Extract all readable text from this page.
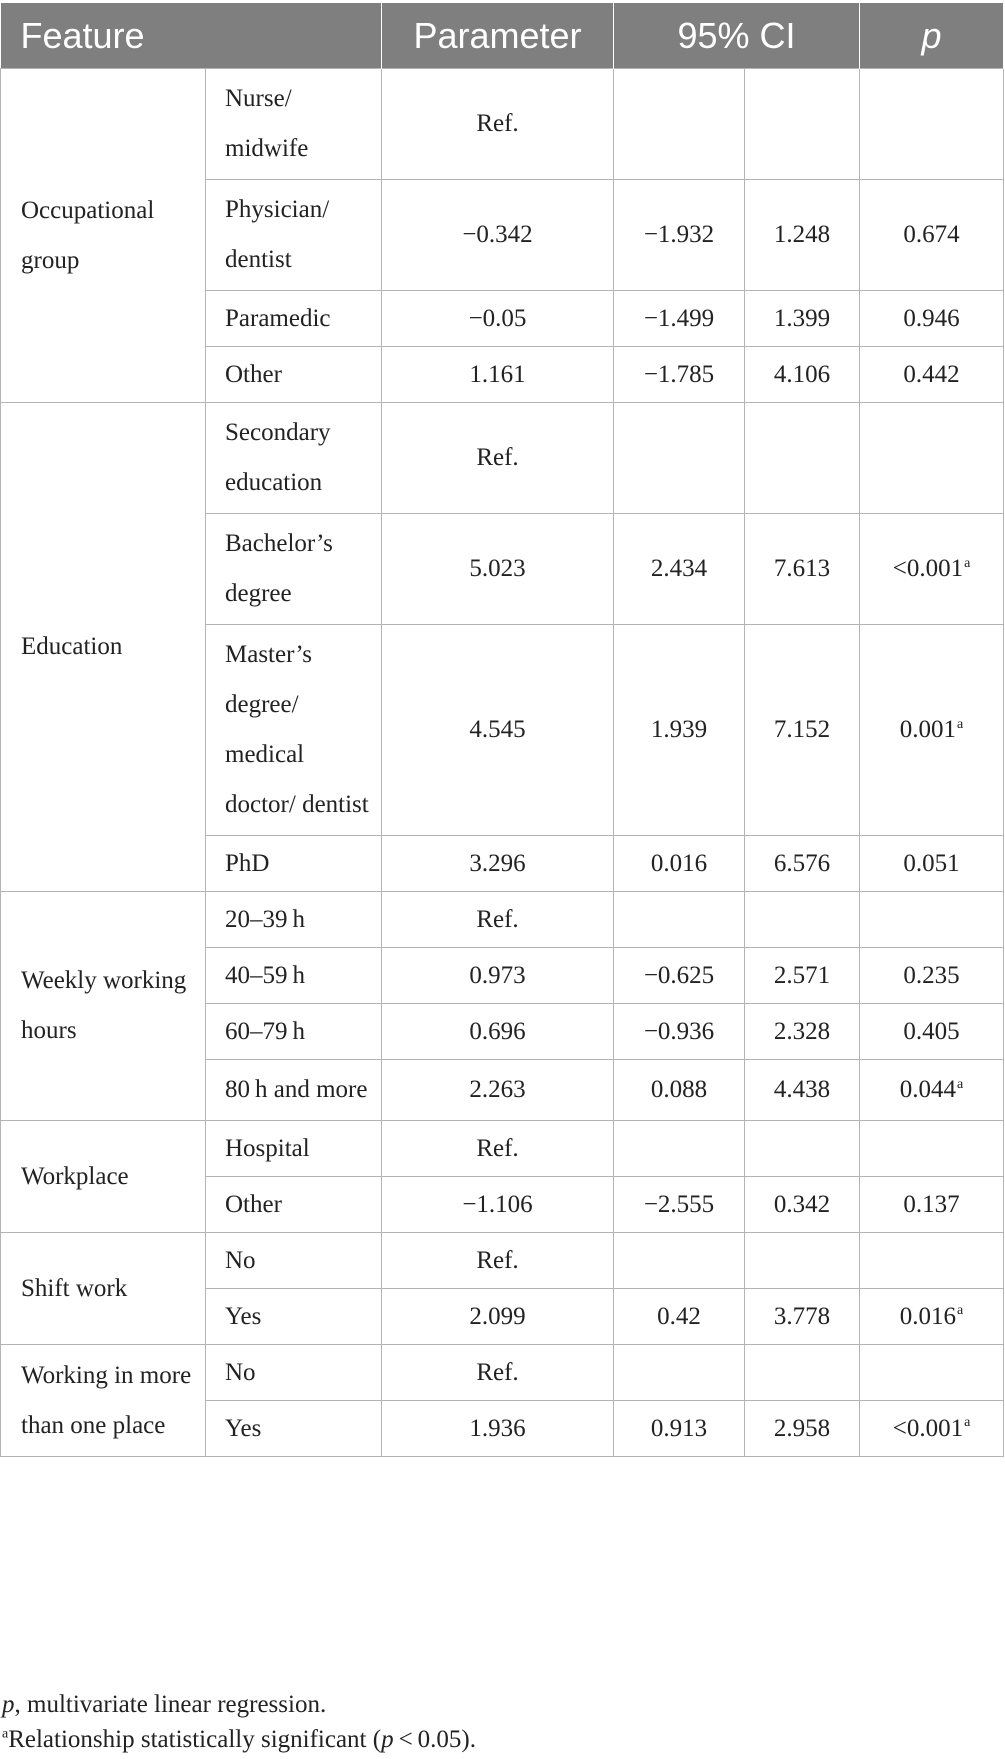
Feature		Parameter	95% CI		p
Occupational group	Nurse/ midwife	Ref.			
	Physician/ dentist	−0.342	−1.932	1.248	0.674
	Paramedic	−0.05	−1.499	1.399	0.946
	Other	1.161	−1.785	4.106	0.442
Education	Secondary education	Ref.			
	Bachelor’s degree	5.023	2.434	7.613	<0.001$^a$
	Master’s degree/ medical doctor/ dentist	4.545	1.939	7.152	0.001$^a$
	PhD	3.296	0.016	6.576	0.051
Weekly working hours	20–39 h	Ref.			
	40–59 h	0.973	−0.625	2.571	0.235
	60–79 h	0.696	−0.936	2.328	0.405
	80 h and more	2.263	0.088	4.438	0.044$^a$
Workplace	Hospital	Ref.			
	Other	−1.106	−2.555	0.342	0.137
Shift work	No	Ref.			
	Yes	2.099	0.42	3.778	0.016$^a$
Working in more than one place	No	Ref.			
	Yes	1.936	0.913	2.958	<0.001$^a$

p, multivariate linear regression.

$^a$Relationship statistically significant (p < 0.05).
